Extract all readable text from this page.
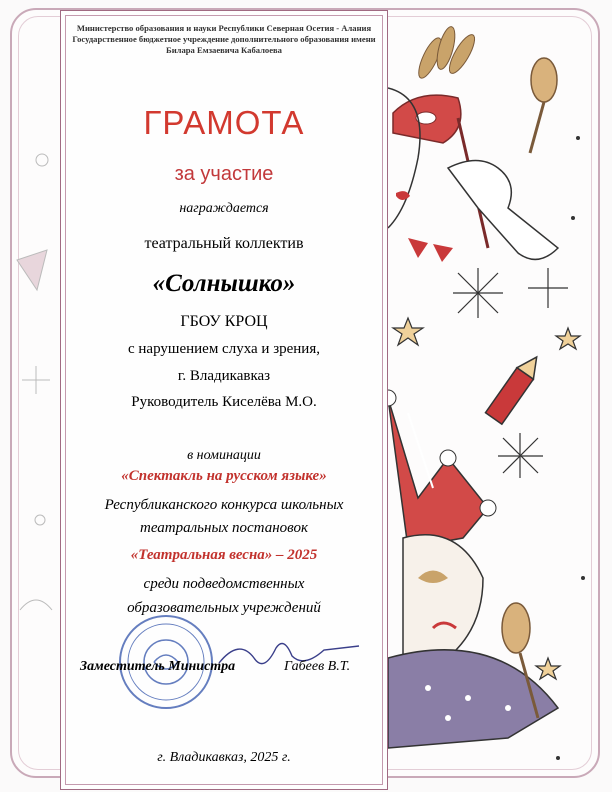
Министерство образования и науки Республики Северная Осетия - Алания
Государственное бюджетное учреждение дополнительного образования имени
Билара Емзаевича Кабалоева

ГРАМОТА

за участие

награждается

театральный коллектив

«Солнышко»

ГБОУ КРОЦ

с нарушением слуха и зрения,

г. Владикавказ

Руководитель Киселёва М.О.

в номинации

«Спектакль на русском языке»

Республиканского конкурса школьных

театральных постановок

«Театральная весна» – 2025

среди подведомственных

образовательных учреждений

Заместитель Министра	Габеев В.Т.

г. Владикавказ, 2025 г.
